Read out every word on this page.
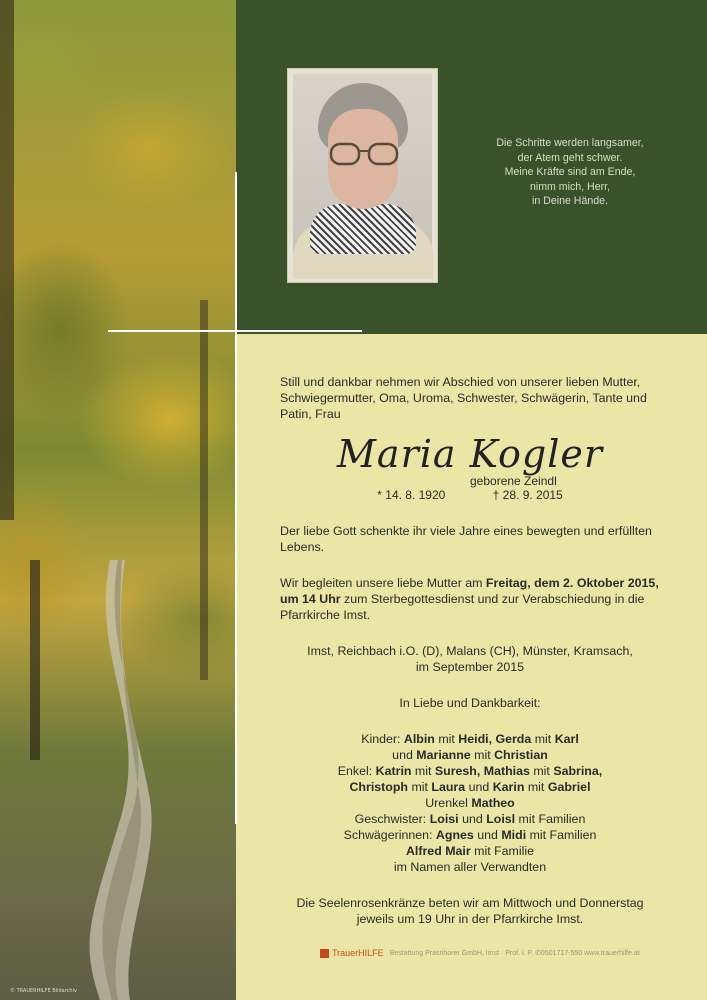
© TRAUERHILFE Bildarchiv
Die Schritte werden langsamer,
der Atem geht schwer.
Meine Kräfte sind am Ende,
nimm mich, Herr,
in Deine Hände.

Still und dankbar nehmen wir Abschied von unserer lieben Mutter, Schwiegermutter, Oma, Uroma, Schwester, Schwägerin, Tante und Patin, Frau

Maria Kogler

geborene Zeindl

* 14. 8. 1920	† 28. 9. 2015

Der liebe Gott schenkte ihr viele Jahre eines bewegten und erfüllten Lebens.

Wir begleiten unsere liebe Mutter am Freitag, dem 2. Oktober 2015, um 14 Uhr zum Sterbegottesdienst und zur Verabschiedung in die Pfarrkirche Imst.

Imst, Reichbach i.O. (D), Malans (CH), Münster, Kramsach,
im September 2015
In Liebe und Dankbarkeit:
Kinder: Albin mit Heidi, Gerda mit Karl
und Marianne mit Christian
Enkel: Katrin mit Suresh, Mathias mit Sabrina,
Christoph mit Laura und Karin mit Gabriel
Urenkel Matheo
Geschwister: Loisi und Loisl mit Familien
Schwägerinnen: Agnes und Midi mit Familien
Alfred Mair mit Familie
im Namen aller Verwandten
Die Seelenrosenkränze beten wir am Mittwoch und Donnerstag
jeweils um 19 Uhr in der Pfarrkirche Imst.
TrauerHILFE Bestattung Prasnhorer GmbH, Imst · Prof. i. P. ✆0501717-550 www.trauerhilfe.at
